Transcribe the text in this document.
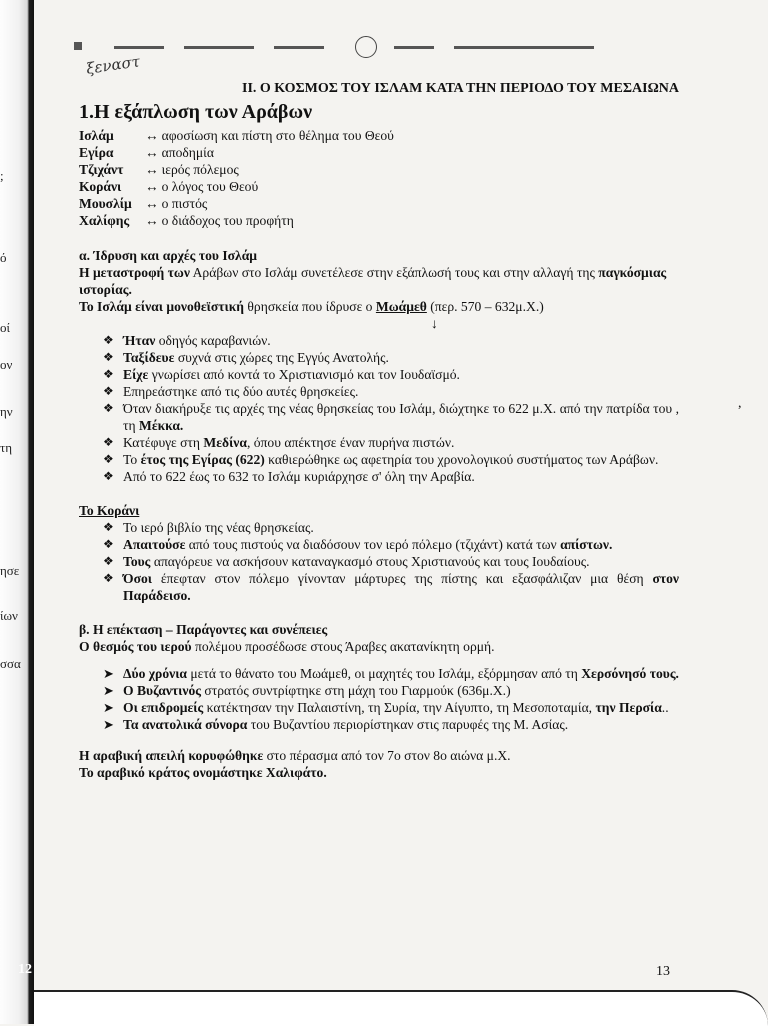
;
ό
οί
ον
ην
τη
ησε
ίων
σσα
12
ξεναστ
ΙΙ. Ο ΚΟΣΜΟΣ ΤΟΥ ΙΣΛΑΜ ΚΑΤΑ ΤΗΝ ΠΕΡΙΟΔΟ ΤΟΥ ΜΕΣΑΙΩΝΑ
1.Η εξάπλωση των Αράβων
Ισλάμ	↔ αφοσίωση και πίστη στο θέλημα του Θεού
Εγίρα	↔ αποδημία
Τζιχάντ	↔ ιερός πόλεμος
Κοράνι	↔ ο λόγος του Θεού
Μουσλίμ ↔ ο πιστός
Χαλίφης	↔ ο διάδοχος του προφήτη

α. Ίδρυση και αρχές του Ισλάμ

Η μεταστροφή των Αράβων στο Ισλάμ συνετέλεσε στην εξάπλωσή τους και στην αλλαγή της παγκόσμιας ιστορίας.

Το Ισλάμ είναι μονοθεϊστική θρησκεία που ίδρυσε ο Μωάμεθ (περ. 570 – 632μ.Χ.)

↓
❖ Ήταν οδηγός καραβανιών.
❖ Ταξίδευε συχνά στις χώρες της Εγγύς Ανατολής.
❖ Είχε γνωρίσει από κοντά το Χριστιανισμό και τον Ιουδαϊσμό.
❖ Επηρεάστηκε από τις δύο αυτές θρησκείες.
❖ Όταν διακήρυξε τις αρχές της νέας θρησκείας του Ισλάμ, διώχτηκε το 622 μ.Χ. από την πατρίδα του , τη Μέκκα.
❖ Κατέφυγε στη Μεδίνα, όπου απέκτησε έναν πυρήνα πιστών.
❖ Το έτος της Εγίρας (622) καθιερώθηκε ως αφετηρία του χρονολογικού συστήματος των Αράβων.
❖ Από το 622 έως το 632 το Ισλάμ κυριάρχησε σ' όλη την Αραβία.

Το Κοράνι

❖ Το ιερό βιβλίο της νέας θρησκείας.
❖ Απαιτούσε από τους πιστούς να διαδόσουν τον ιερό πόλεμο (τζιχάντ) κατά των απίστων.
❖ Τους απαγόρευε να ασκήσουν καταναγκασμό στους Χριστιανούς και τους Ιουδαίους.
❖ Όσοι έπεφταν στον πόλεμο γίνονταν μάρτυρες της πίστης και εξασφάλιζαν μια θέση στον Παράδεισο.

β. Η επέκταση – Παράγοντες και συνέπειες

Ο θεσμός του ιερού πολέμου προσέδωσε στους Άραβες ακατανίκητη ορμή.

➤ Δύο χρόνια μετά το θάνατο του Μωάμεθ, οι μαχητές του Ισλάμ, εξόρμησαν από τη Χερσόνησό τους.
➤ Ο Βυζαντινός στρατός συντρίφτηκε στη μάχη του Γιαρμούκ (636μ.Χ.)
➤ Οι επιδρομείς κατέκτησαν την Παλαιστίνη, τη Συρία, την Αίγυπτο, τη Μεσοποταμία, την Περσία..
➤ Τα ανατολικά σύνορα του Βυζαντίου περιορίστηκαν στις παρυφές της Μ. Ασίας.

Η αραβική απειλή κορυφώθηκε στο πέρασμα από τον 7ο στον 8ο αιώνα μ.Χ.

Το αραβικό κράτος ονομάστηκε Χαλιφάτο.

13
,
